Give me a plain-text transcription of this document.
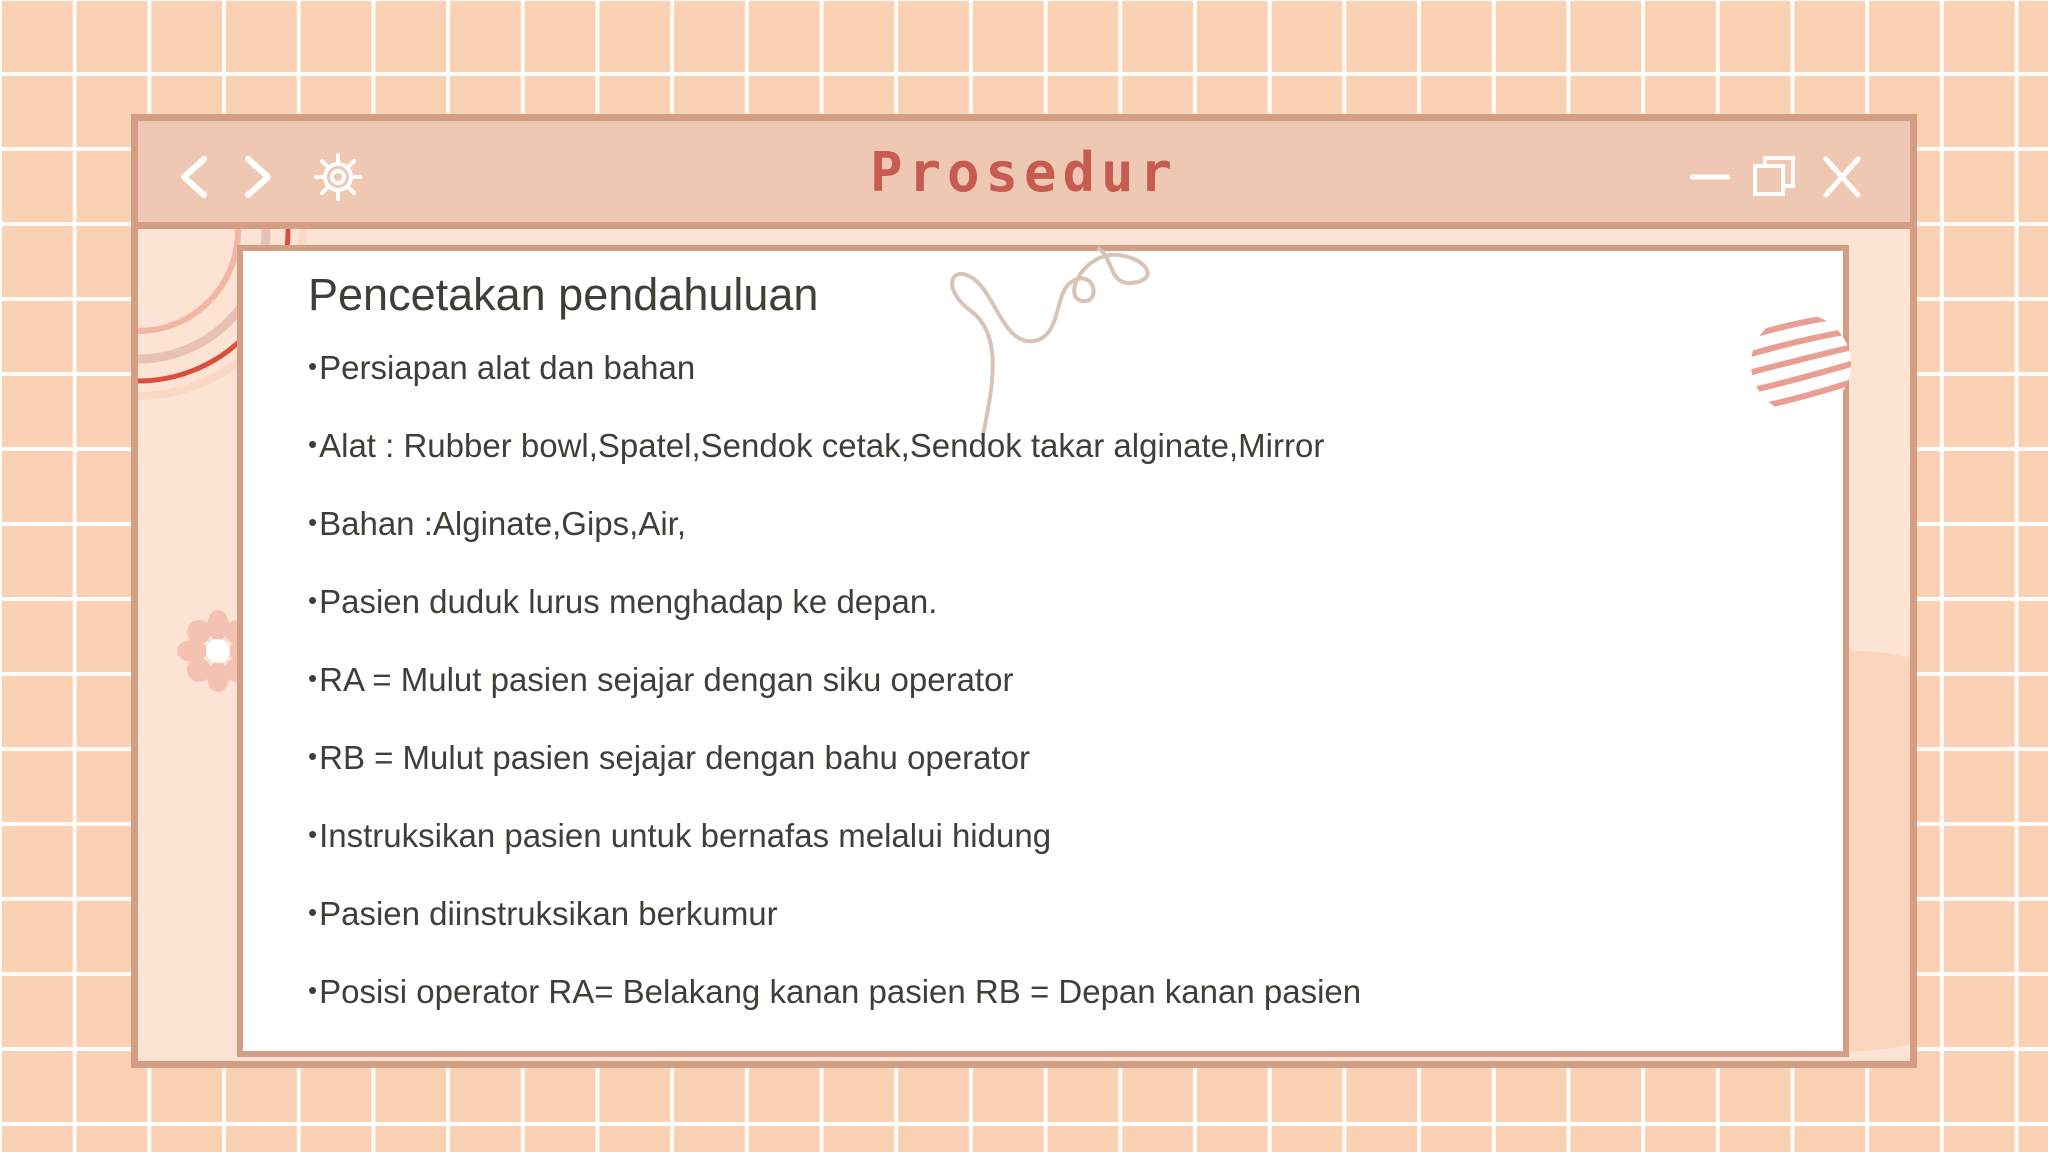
Prosedur
Pencetakan pendahuluan
• Persiapan alat dan bahan
• Alat : Rubber bowl,Spatel,Sendok cetak,Sendok takar alginate,Mirror
• Bahan :Alginate,Gips,Air,
• Pasien duduk lurus menghadap ke depan.
• RA = Mulut pasien sejajar dengan siku operator
• RB = Mulut pasien sejajar dengan bahu operator
• Instruksikan pasien untuk bernafas melalui hidung
• Pasien diinstruksikan berkumur
• Posisi operator RA= Belakang kanan pasien RB = Depan kanan pasien
